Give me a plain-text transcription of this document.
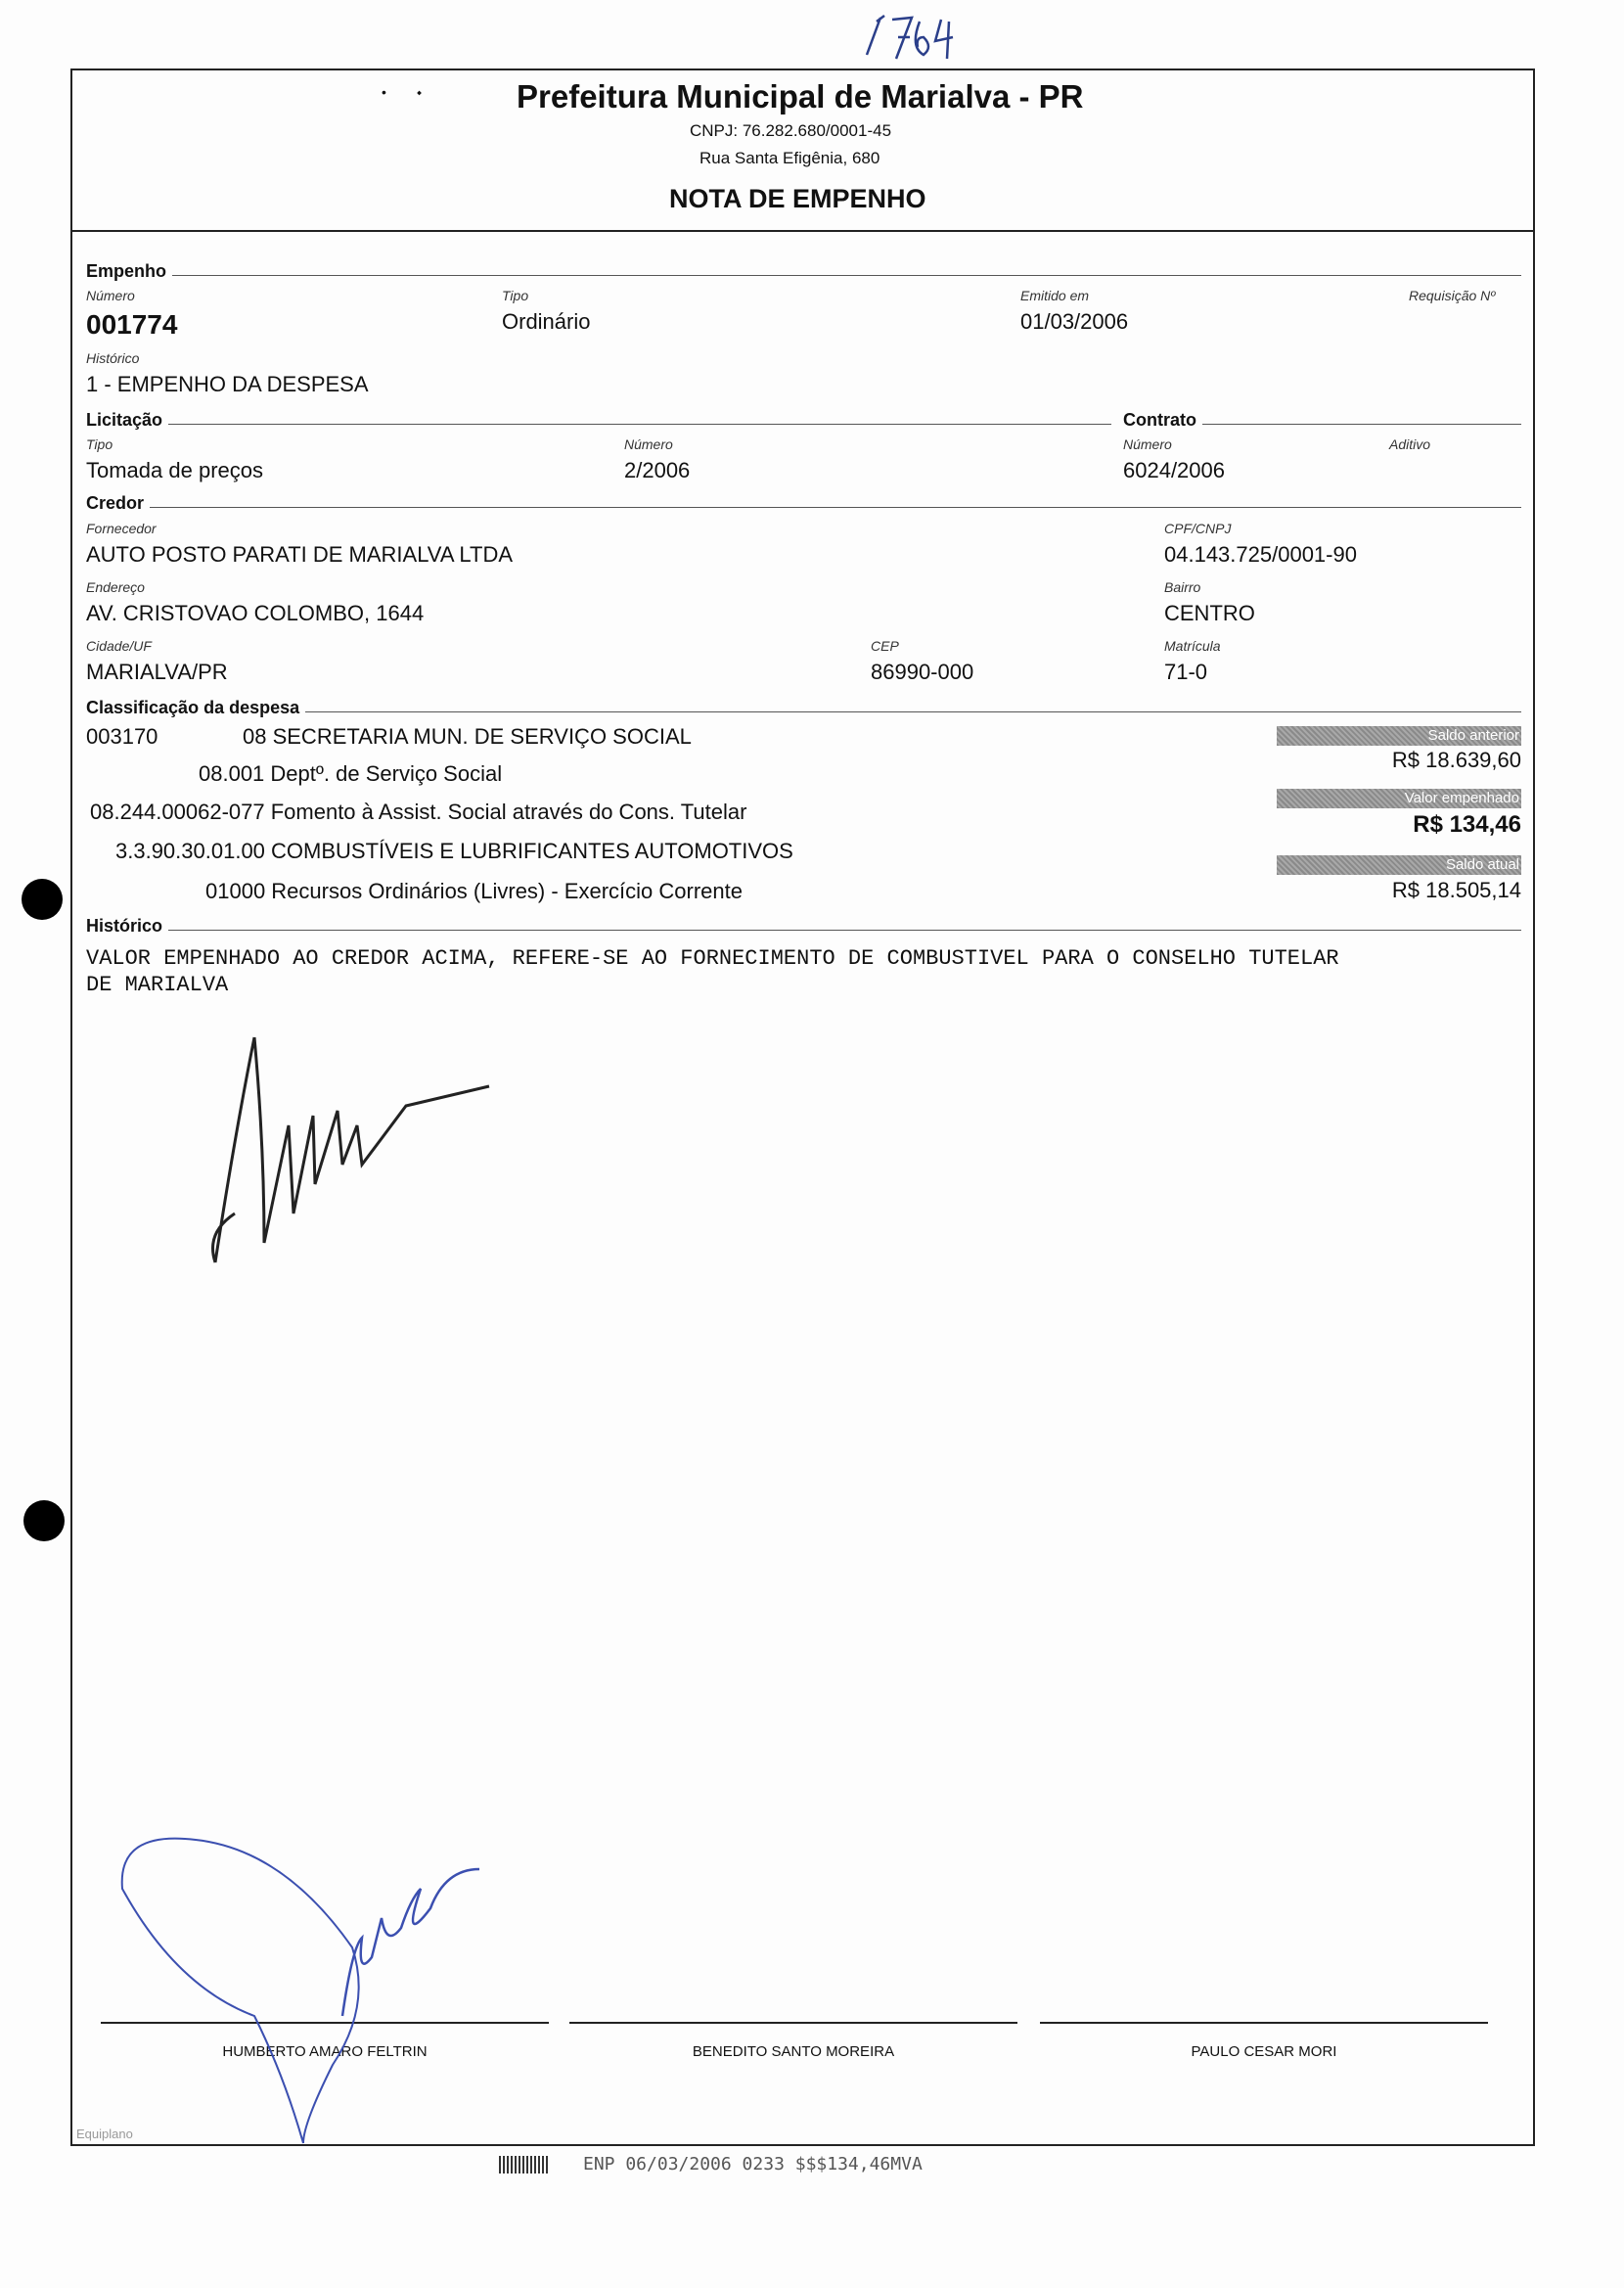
•        ⬩	Prefeitura Municipal de Marialva - PR
CNPJ: 76.282.680/0001-45
Rua Santa Efigênia, 680
NOTA DE EMPENHO
Empenho
Número
001774
Tipo
Ordinário
Emitido em
01/03/2006
Requisição Nº
Histórico
1 - EMPENHO DA DESPESA
Licitação	Contrato
Tipo
Tomada de preços
Número
2/2006
Número
6024/2006
Aditivo
Credor
Fornecedor
AUTO POSTO PARATI DE MARIALVA LTDA
CPF/CNPJ
04.143.725/0001-90
Endereço
AV. CRISTOVAO COLOMBO, 1644
Bairro
CENTRO
Cidade/UF
MARIALVA/PR
CEP
86990-000
Matrícula
71-0
Classificação da despesa
003170	08 SECRETARIA MUN. DE SERVIÇO SOCIAL
08.001 Deptº. de Serviço Social
08.244.00062-077 Fomento à Assist. Social através do Cons. Tutelar
3.3.90.30.01.00 COMBUSTÍVEIS E LUBRIFICANTES AUTOMOTIVOS
01000 Recursos Ordinários (Livres) - Exercício Corrente
Saldo anterior
R$ 18.639,60
Valor empenhado
R$ 134,46
Saldo atual
R$ 18.505,14
Histórico
VALOR EMPENHADO AO CREDOR ACIMA, REFERE-SE AO FORNECIMENTO DE COMBUSTIVEL PARA O CONSELHO TUTELAR
DE MARIALVA
HUMBERTO AMARO FELTRIN	BENEDITO SANTO MOREIRA	PAULO CESAR MORI
Equiplano
ENP 06/03/2006 0233 $$$134,46MVA
